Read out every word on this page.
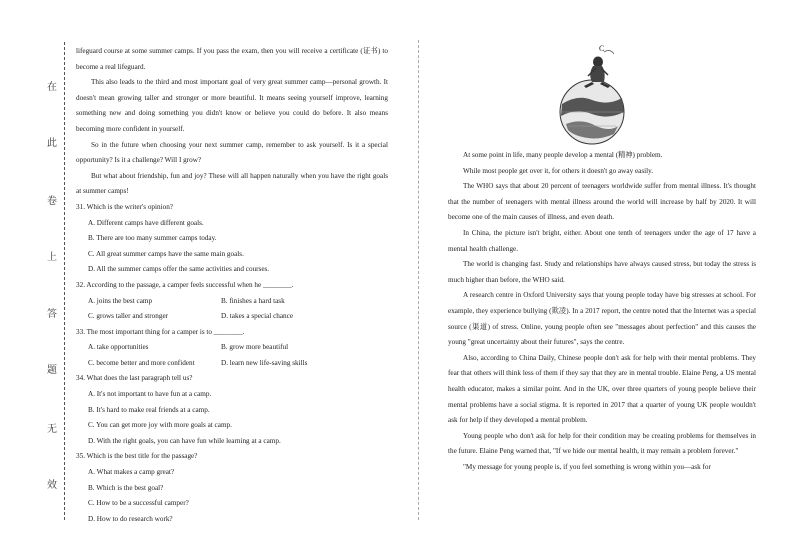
在
此
卷
上
答
题
无
效

lifeguard course at some summer camps. If you pass the exam, then you will receive a certificate (证书) to become a real lifeguard.

This also leads to the third and most important goal of very great summer camp—personal growth. It doesn't mean growing taller and stronger or more beautiful. It means seeing yourself improve, learning something new and doing something you didn't know or believe you could do before. It also means becoming more confident in yourself.

So in the future when choosing your next summer camp, remember to ask yourself. Is it a special opportunity? Is it a challenge? Will I grow?

But what about friendship, fun and joy? These will all happen naturally when you have the right goals at summer camps!

31. Which is the writer's opinion?

A. Different camps have different goals.

B. There are too many summer camps today.

C. All great summer camps have the same main goals.

D. All the summer camps offer the same activities and courses.

32. According to the passage, a camper feels successful when he ________.

A. joins the best camp	B. finishes a hard task
C. grows taller and stronger	D. takes a special chance

33. The most important thing for a camper is to ________.

A. take opportunities	B. grow more beautiful
C. become better and more confident	D. learn new life-saving skills

34. What does the last paragraph tell us?

A. It's not important to have fun at a camp.

B. It's hard to make real friends at a camp.

C. You can get more joy with more goals at camp.

D. With the right goals, you can have fun while learning at a camp.

35. Which is the best title for the passage?

A. What makes a camp great?

B. Which is the best goal?

C. How to be a successful camper?

D. How to do research work?

C

At some point in life, many people develop a mental (精神) problem.

While most people get over it, for others it doesn't go away easily.

The WHO says that about 20 percent of teenagers worldwide suffer from mental illness. It's thought that the number of teenagers with mental illness around the world will increase by half by 2020. It will become one of the main causes of illness, and even death.

In China, the picture isn't bright, either. About one tenth of teenagers under the age of 17 have a mental health challenge.

The world is changing fast. Study and relationships have always caused stress, but today the stress is much higher than before, the WHO said.

A research centre in Oxford University says that young people today have big stresses at school. For example, they experience bullying (欺凌). In a 2017 report, the centre noted that the Internet was a special source (渠道) of stress. Online, young people often see "messages about perfection" and this causes the young "great uncertainty about their futures", says the centre.

Also, according to China Daily, Chinese people don't ask for help with their mental problems. They fear that others will think less of them if they say that they are in mental trouble. Elaine Peng, a US mental health educator, makes a similar point. And in the UK, over three quarters of young people believe their mental problems have a social stigma. It is reported in 2017 that a quarter of young UK people wouldn't ask for help if they developed a mental problem.

Young people who don't ask for help for their condition may be creating problems for themselves in the future. Elaine Peng warned that, "If we hide our mental health, it may remain a problem forever."

"My message for young people is, if you feel something is wrong within you—ask for
